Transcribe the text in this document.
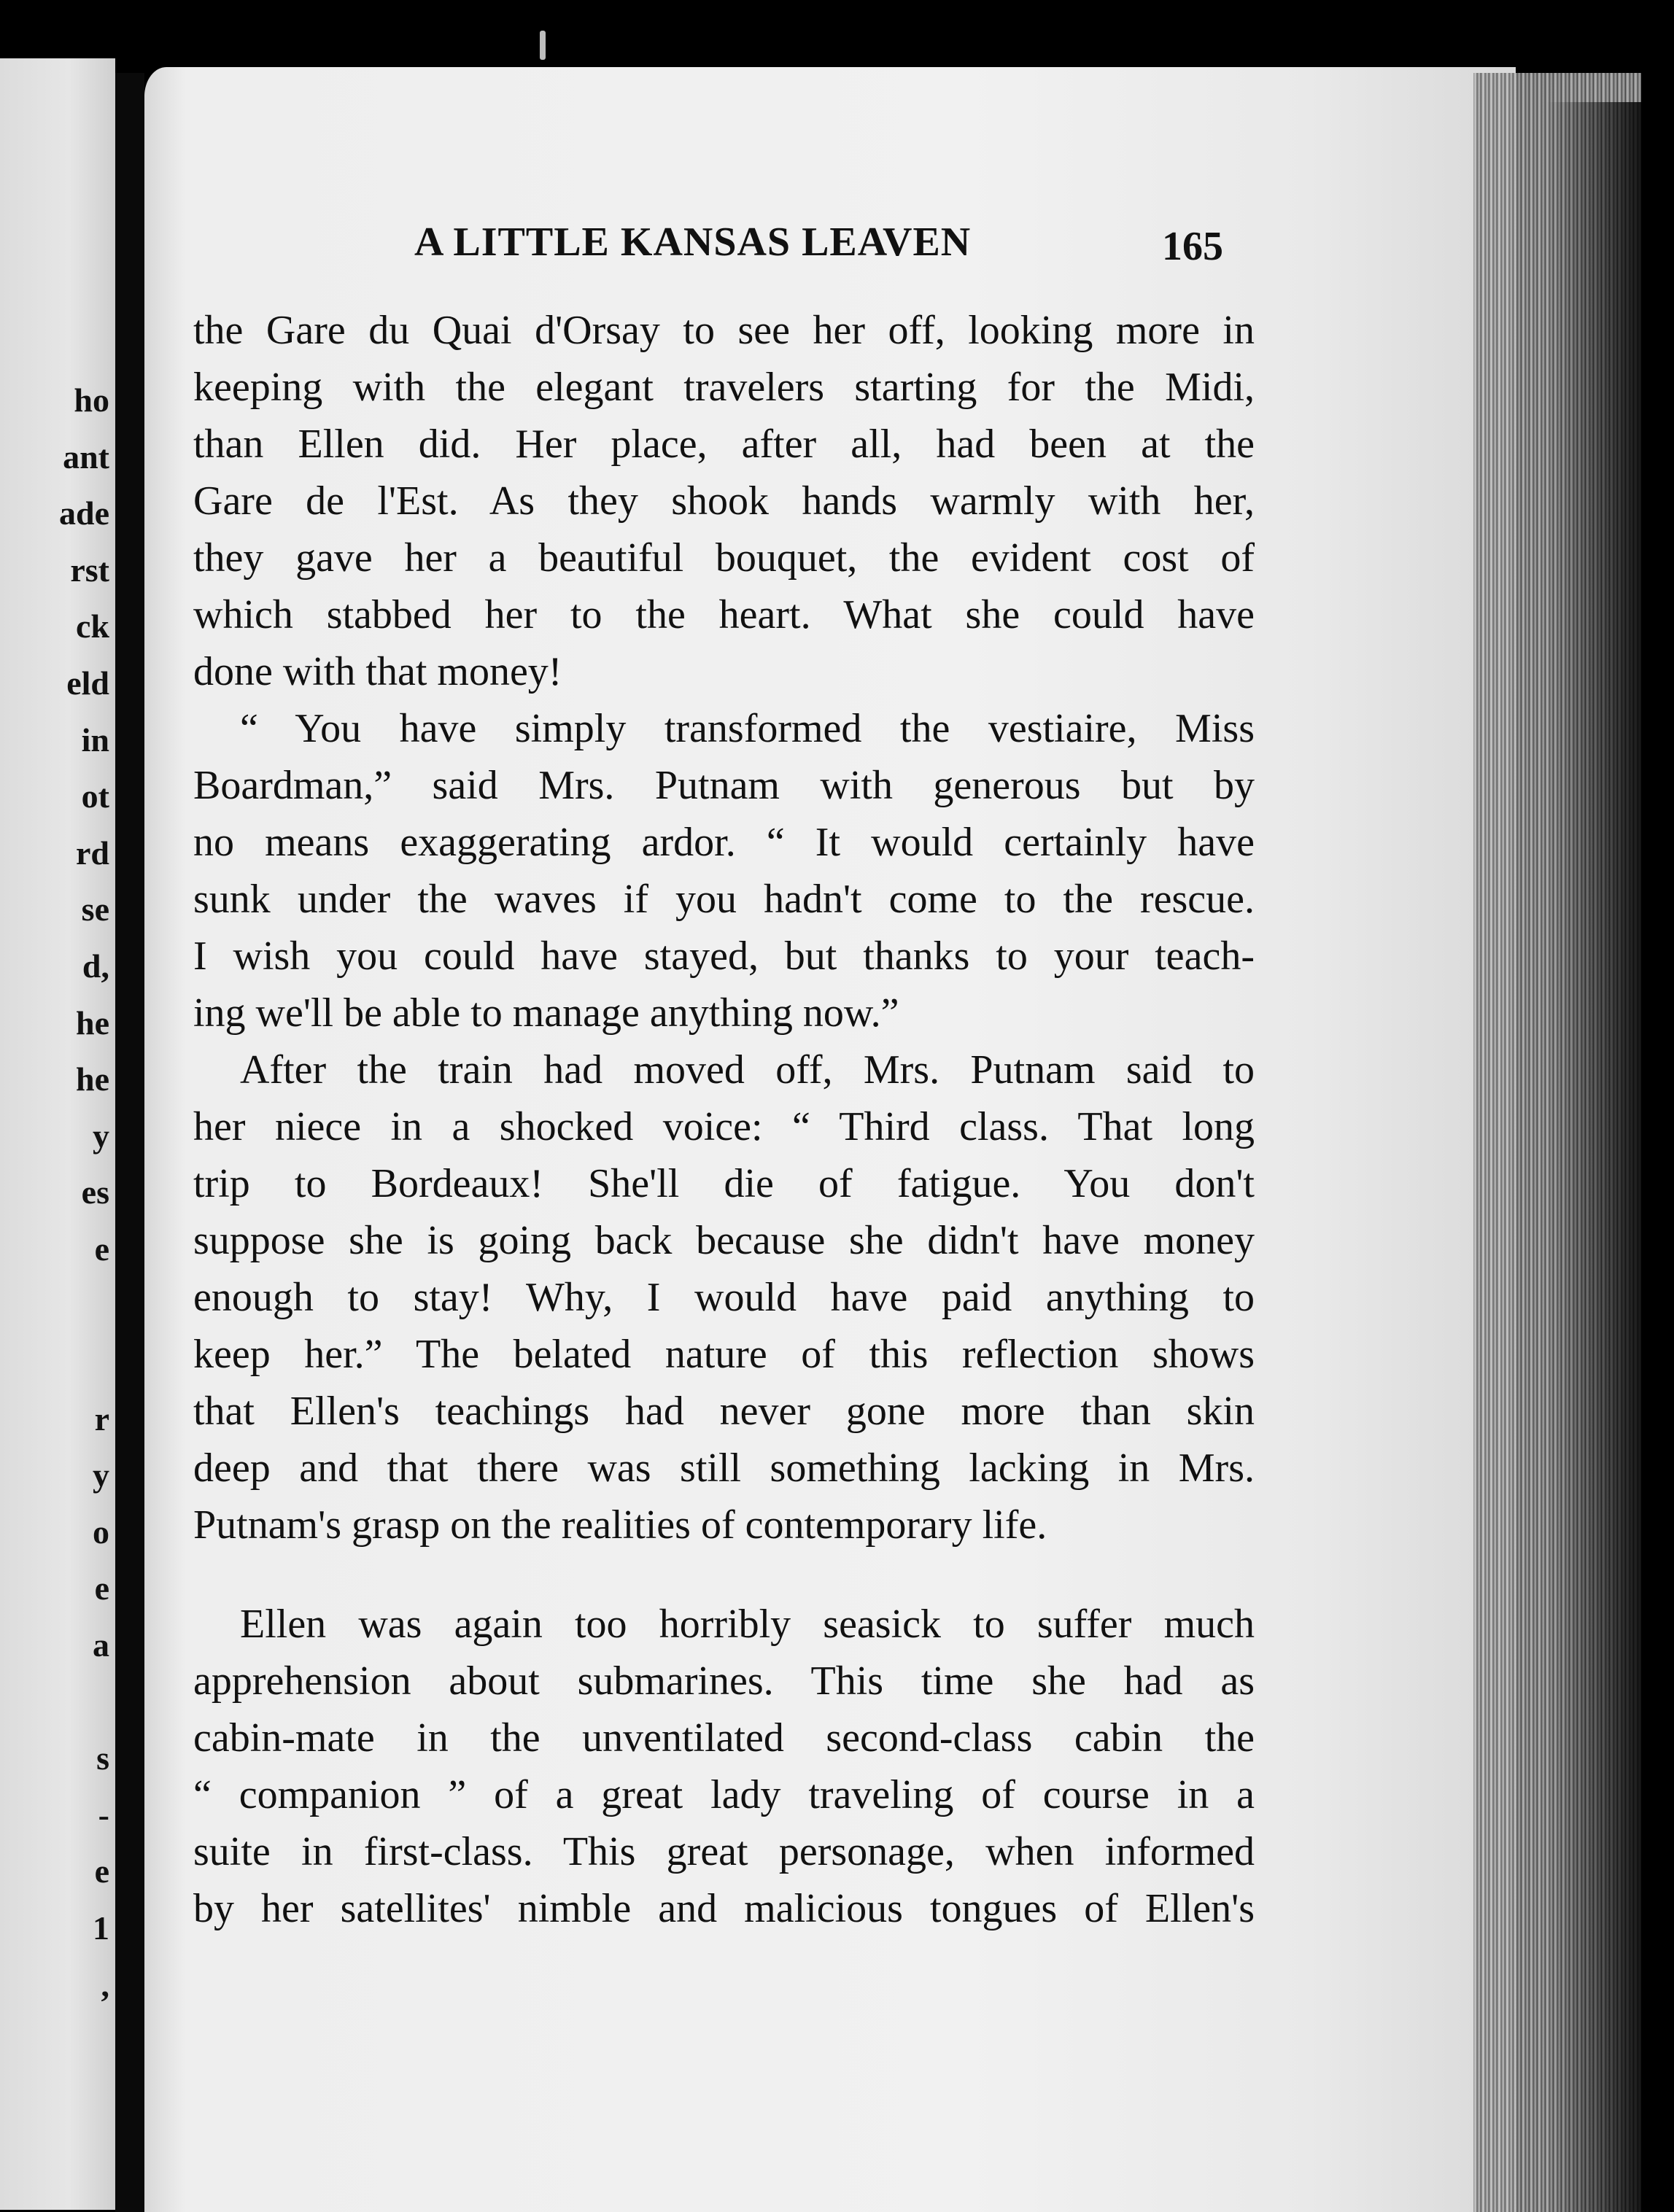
ho
ant
ade
rst
ck
eld
in
ot
rd
se
d,
he
he
y
es
e
r
y
o
e
a
s
-
e
1
,
A LITTLE KANSAS LEAVEN	165
the Gare du Quai d'Orsay to see her off, looking more in
keeping with the elegant travelers starting for the Midi,
than Ellen did. Her place, after all, had been at the
Gare de l'Est. As they shook hands warmly with her,
they gave her a beautiful bouquet, the evident cost of
which stabbed her to the heart. What she could have
done with that money!
“ You have simply transformed the vestiaire, Miss
Boardman,” said Mrs. Putnam with generous but by
no means exaggerating ardor. “ It would certainly have
sunk under the waves if you hadn't come to the rescue.
I wish you could have stayed, but thanks to your teach-
ing we'll be able to manage anything now.”
After the train had moved off, Mrs. Putnam said to
her niece in a shocked voice: “ Third class. That long
trip to Bordeaux! She'll die of fatigue. You don't
suppose she is going back because she didn't have money
enough to stay! Why, I would have paid anything to
keep her.” The belated nature of this reflection shows
that Ellen's teachings had never gone more than skin
deep and that there was still something lacking in Mrs.
Putnam's grasp on the realities of contemporary life.
Ellen was again too horribly seasick to suffer much
apprehension about submarines. This time she had as
cabin-mate in the unventilated second-class cabin the
“ companion ” of a great lady traveling of course in a
suite in first-class. This great personage, when informed
by her satellites' nimble and malicious tongues of Ellen's
